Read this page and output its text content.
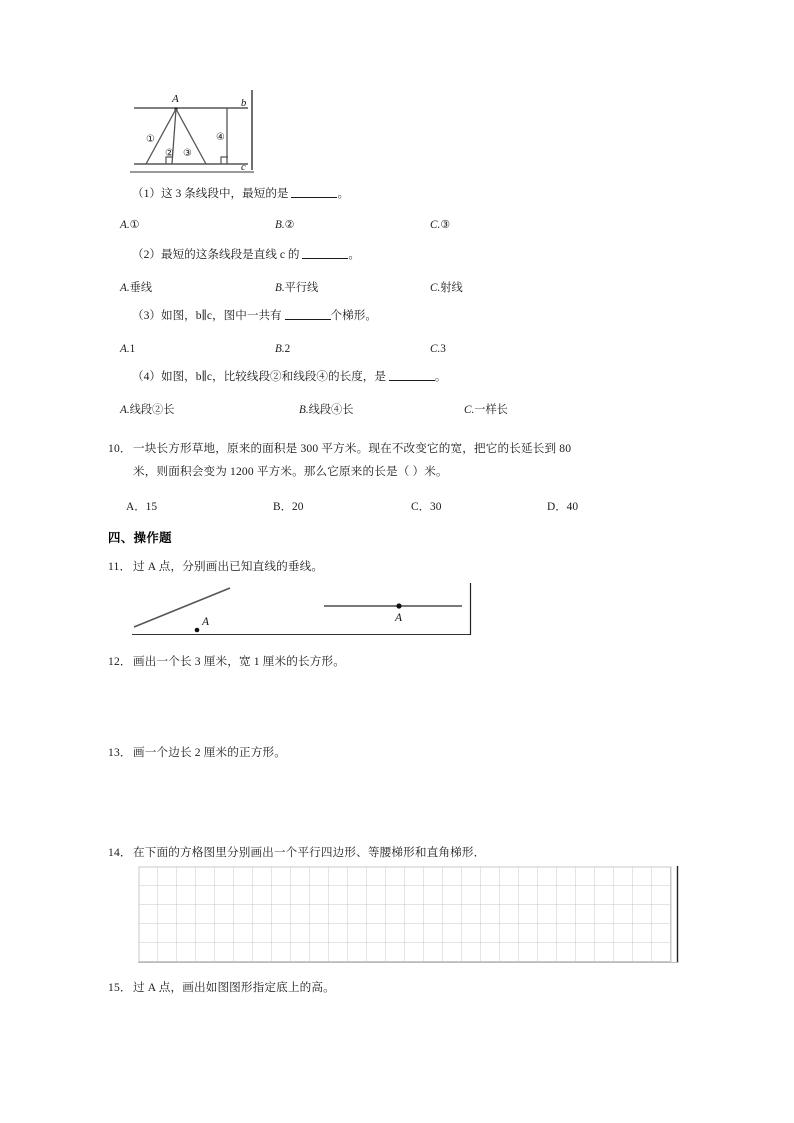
A	b
c
①
② ③
④
（1）这 3 条线段中，最短的是	。
A.①	B.②	C.③
（2）最短的这条线段是直线 c 的	。
A.垂线	B.平行线	C.射线
（3）如图，b∥c，图中一共有	个梯形。
A.1	B.2	C.3
（4）如图，b∥c，比较线段②和线段④的长度，是	。
A.线段②长	B.线段④长	C.一样长
10． 一块长方形草地，原来的面积是 300 平方米。现在不改变它的宽，把它的长延长到 80
米，则面积会变为 1200 平方米。那么它原来的长是（ ）米。
A．15	B．20	C．30	D．40
四、操作题
11． 过 A 点，分别画出已知直线的垂线。
A	A
12． 画出一个长 3 厘米，宽 1 厘米的长方形。
13． 画一个边长 2 厘米的正方形。
14． 在下面的方格图里分别画出一个平行四边形、等腰梯形和直角梯形．
15． 过 A 点，画出如图图形指定底上的高。
